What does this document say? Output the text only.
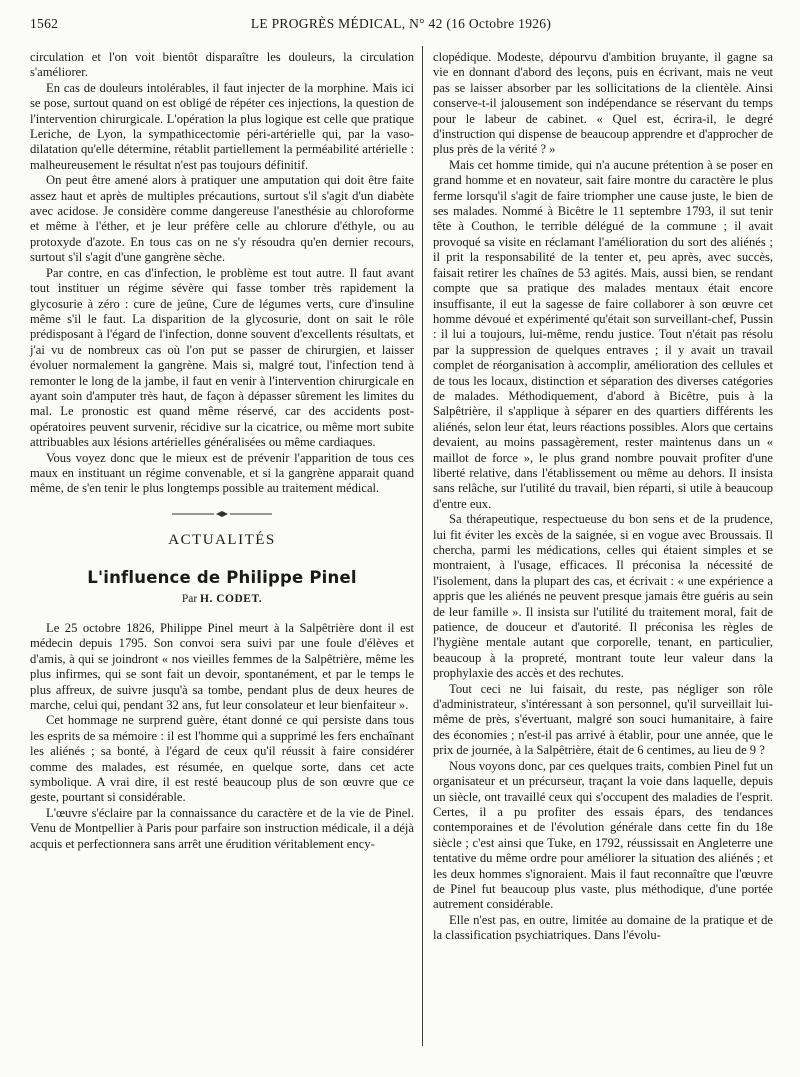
1562	LE PROGRÈS MÉDICAL, N° 42 (16 Octobre 1926)

circulation et l'on voit bientôt disparaître les douleurs, la circulation s'améliorer.

En cas de douleurs intolérables, il faut injecter de la morphine. Mais ici se pose, surtout quand on est obligé de répéter ces injections, la question de l'intervention chirurgicale. L'opération la plus logique est celle que pratique Leriche, de Lyon, la sympathicectomie péri-artérielle qui, par la vaso-dilatation qu'elle détermine, rétablit partiellement la perméabilité artérielle : malheureusement le résultat n'est pas toujours définitif.

On peut être amené alors à pratiquer une amputation qui doit être faite assez haut et après de multiples précautions, surtout s'il s'agit d'un diabète avec acidose. Je considère comme dangereuse l'anesthésie au chloroforme et même à l'éther, et je leur préfère celle au chlorure d'éthyle, ou au protoxyde d'azote. En tous cas on ne s'y résoudra qu'en dernier recours, surtout s'il s'agit d'une gangrène sèche.

Par contre, en cas d'infection, le problème est tout autre. Il faut avant tout instituer un régime sévère qui fasse tomber très rapidement la glycosurie à zéro : cure de jeûne, Cure de légumes verts, cure d'insuline même s'il le faut. La disparition de la glycosurie, dont on sait le rôle prédisposant à l'égard de l'infection, donne souvent d'excellents résultats, et j'ai vu de nombreux cas où l'on put se passer de chirurgien, et laisser évoluer normalement la gangrène. Mais si, malgré tout, l'infection tend à remonter le long de la jambe, il faut en venir à l'intervention chirurgicale en ayant soin d'amputer très haut, de façon à dépasser sûrement les limites du mal. Le pronostic est quand même réservé, car des accidents post-opératoires peuvent survenir, récidive sur la cicatrice, ou même mort subite attribuables aux lésions artérielles généralisées ou même cardiaques.

Vous voyez donc que le mieux est de prévenir l'apparition de tous ces maux en instituant un régime convenable, et si la gangrène apparait quand même, de s'en tenir le plus longtemps possible au traitement médical.

ACTUALITÉS
L'influence de Philippe Pinel
Par H. CODET.

Le 25 octobre 1826, Philippe Pinel meurt à la Salpêtrière dont il est médecin depuis 1795. Son convoi sera suivi par une foule d'élèves et d'amis, à qui se joindront « nos vieilles femmes de la Salpêtrière, même les plus infirmes, qui se sont fait un devoir, spontanément, et par le temps le plus affreux, de suivre jusqu'à sa tombe, pendant plus de deux heures de marche, celui qui, pendant 32 ans, fut leur consolateur et leur bienfaiteur ».

Cet hommage ne surprend guère, étant donné ce qui persiste dans tous les esprits de sa mémoire : il est l'homme qui a supprimé les fers enchaînant les aliénés ; sa bonté, à l'égard de ceux qu'il réussit à faire considérer comme des malades, est résumée, en quelque sorte, dans cet acte symbolique. A vrai dire, il est resté beaucoup plus de son œuvre que ce geste, pourtant si considérable.

L'œuvre s'éclaire par la connaissance du caractère et de la vie de Pinel. Venu de Montpellier à Paris pour parfaire son instruction médicale, il a déjà acquis et perfectionnera sans arrêt une érudition véritablement ency-

clopédique. Modeste, dépourvu d'ambition bruyante, il gagne sa vie en donnant d'abord des leçons, puis en écrivant, mais ne veut pas se laisser absorber par les sollicitations de la clientèle. Ainsi conserve-t-il jalousement son indépendance se réservant du temps pour le labeur de cabinet. « Quel est, écrira-il, le degré d'instruction qui dispense de beaucoup apprendre et d'approcher de plus près de la vérité ? »

Mais cet homme timide, qui n'a aucune prétention à se poser en grand homme et en novateur, sait faire montre du caractère le plus ferme lorsqu'il s'agit de faire triompher une cause juste, le bien de ses malades. Nommé à Bicêtre le 11 septembre 1793, il sut tenir tête à Couthon, le terrible délégué de la commune ; il avait provoqué sa visite en réclamant l'amélioration du sort des aliénés ; il prit la responsabilité de la tenter et, peu après, avec succès, faisait retirer les chaînes de 53 agités. Mais, aussi bien, se rendant compte que sa pratique des malades mentaux était encore insuffisante, il eut la sagesse de faire collaborer à son œuvre cet homme dévoué et expérimenté qu'était son surveillant-chef, Pussin : il lui a toujours, lui-même, rendu justice. Tout n'était pas résolu par la suppression de quelques entraves ; il y avait un travail complet de réorganisation à accomplir, amélioration des cellules et de tous les locaux, distinction et séparation des diverses catégories de malades. Méthodiquement, d'abord à Bicêtre, puis à la Salpêtrière, il s'applique à séparer en des quartiers différents les aliénés, selon leur état, leurs réactions possibles. Alors que certains devaient, au moins passagèrement, rester maintenus dans un « maillot de force », le plus grand nombre pouvait profiter d'une liberté relative, dans l'établissement ou même au dehors. Il insista sans relâche, sur l'utilité du travail, bien réparti, si utile à beaucoup d'entre eux.

Sa thérapeutique, respectueuse du bon sens et de la prudence, lui fit éviter les excès de la saignée, si en vogue avec Broussais. Il chercha, parmi les médications, celles qui étaient simples et se montraient, à l'usage, efficaces. Il préconisa la nécessité de l'isolement, dans la plupart des cas, et écrivait : « une expérience a appris que les aliénés ne peuvent presque jamais être guéris au sein de leur famille ». Il insista sur l'utilité du traitement moral, fait de patience, de douceur et d'autorité. Il préconisa les règles de l'hygiène mentale autant que corporelle, tenant, en particulier, beaucoup à la propreté, montrant toute leur valeur dans la prophylaxie des accès et des rechutes.

Tout ceci ne lui faisait, du reste, pas négliger son rôle d'administrateur, s'intéressant à son personnel, qu'il surveillait lui-même de près, s'évertuant, malgré son souci humanitaire, à faire des économies ; n'est-il pas arrivé à établir, pour une année, que le prix de journée, à la Salpêtrière, était de 6 centimes, au lieu de 9 ?

Nous voyons donc, par ces quelques traits, combien Pinel fut un organisateur et un précurseur, traçant la voie dans laquelle, depuis un siècle, ont travaillé ceux qui s'occupent des maladies de l'esprit. Certes, il a pu profiter des essais épars, des tendances contemporaines et de l'évolution générale dans cette fin du 18e siècle ; c'est ainsi que Tuke, en 1792, réussissait en Angleterre une tentative du même ordre pour améliorer la situation des aliénés ; et les deux hommes s'ignoraient. Mais il faut reconnaître que l'œuvre de Pinel fut beaucoup plus vaste, plus méthodique, d'une portée autrement considérable.

Elle n'est pas, en outre, limitée au domaine de la pratique et de la classification psychiatriques. Dans l'évolu-
